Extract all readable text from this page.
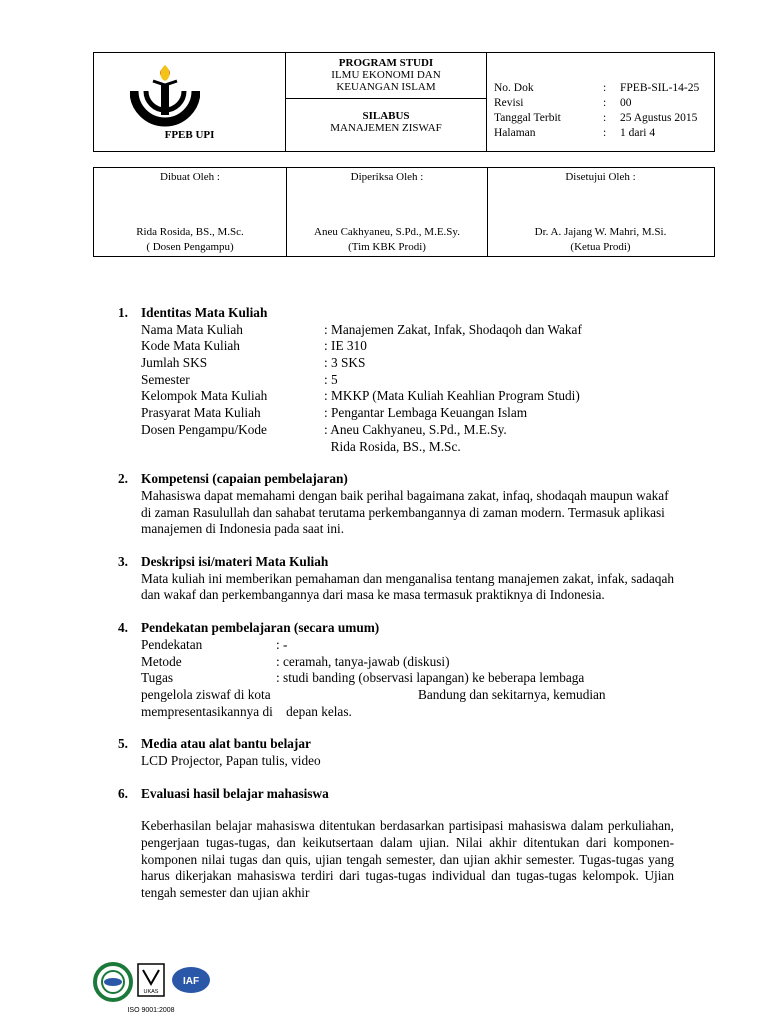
FPEB UPI
PROGRAM STUDI
ILMU EKONOMI DAN
KEUANGAN ISLAM
SILABUS
MANAJEMEN ZISWAF
No. Dok	: FPEB-SIL-14-25
Revisi	: 00
Tanggal Terbit	: 25 Agustus 2015
Halaman	: 1 dari 4
Dibuat Oleh :
Rida Rosida, BS., M.Sc.
( Dosen Pengampu)
Diperiksa Oleh :
Aneu Cakhyaneu, S.Pd., M.E.Sy.
(Tim KBK Prodi)
Disetujui Oleh :
Dr. A. Jajang W. Mahri, M.Si.
(Ketua Prodi)
1. Identitas Mata Kuliah
Nama Mata Kuliah	: Manajemen Zakat, Infak, Shodaqoh dan Wakaf
Kode Mata Kuliah	: IE 310
Jumlah SKS	: 3 SKS
Semester	: 5
Kelompok Mata Kuliah	: MKKP (Mata Kuliah Keahlian Program Studi)
Prasyarat Mata Kuliah	: Pengantar Lembaga Keuangan Islam
Dosen Pengampu/Kode	: Aneu Cakhyaneu, S.Pd., M.E.Sy.
Rida Rosida, BS., M.Sc.
2. Kompetensi (capaian pembelajaran)

Mahasiswa dapat memahami dengan baik perihal bagaimana zakat, infaq, shodaqah maupun wakaf di zaman Rasulullah dan sahabat terutama perkembangannya di zaman modern. Termasuk aplikasi manajemen di Indonesia pada saat ini.

3. Deskripsi isi/materi Mata Kuliah

Mata kuliah ini memberikan pemahaman dan menganalisa tentang manajemen zakat, infak, sadaqah dan wakaf dan perkembangannya dari masa ke masa termasuk praktiknya di Indonesia.

4. Pendekatan pembelajaran (secara umum)
Pendekatan	: -
Metode	: ceramah, tanya-jawab (diskusi)
Tugas	: studi banding (observasi lapangan) ke beberapa lembaga
pengelola ziswaf di kota	Bandung dan sekitarnya, kemudian
mempresentasikannya di    depan kelas.
5. Media atau alat bantu belajar

LCD Projector, Papan tulis, video

6. Evaluasi hasil belajar mahasiswa

Keberhasilan belajar mahasiswa ditentukan berdasarkan partisipasi mahasiswa dalam perkuliahan, pengerjaan tugas-tugas, dan keikutsertaan dalam ujian. Nilai akhir ditentukan dari komponen-komponen nilai tugas dan quis, ujian tengah semester, dan ujian akhir semester. Tugas-tugas yang harus dikerjakan mahasiswa terdiri dari tugas-tugas individual dan tugas-tugas kelompok. Ujian tengah semester dan ujian akhir

UKAS
IAF
ISO 9001:2008
